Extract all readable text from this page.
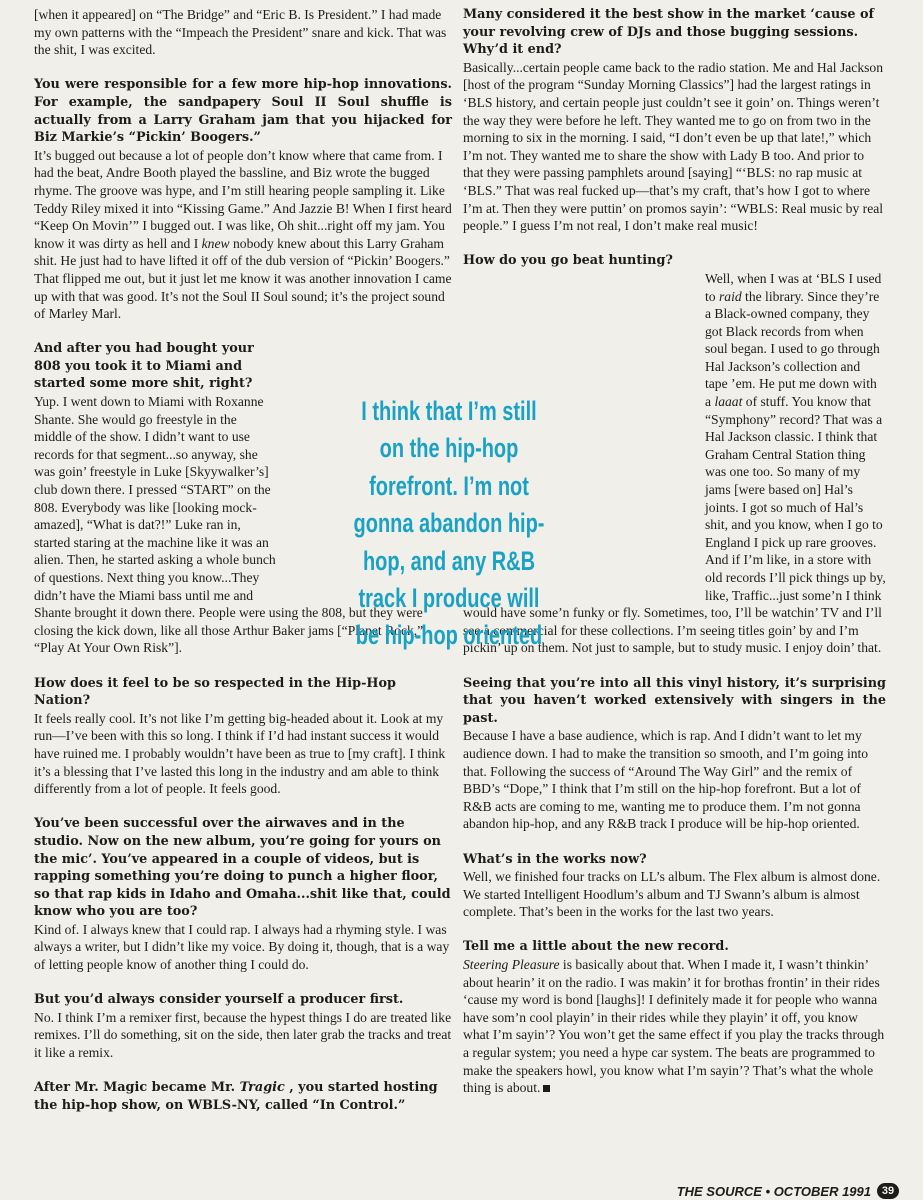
[when it appeared] on “The Bridge” and “Eric B. Is President.” I had made my own patterns with the “Impeach the President” snare and kick. That was the shit, I was excited.

You were responsible for a few more hip-hop innovations. For example, the sandpapery Soul II Soul shuffle is actually from a Larry Graham jam that you hijacked for Biz Markie’s “Pickin’ Boogers.”

It’s bugged out because a lot of people don’t know where that came from. I had the beat, Andre Booth played the bassline, and Biz wrote the bugged rhyme. The groove was hype, and I’m still hearing people sampling it. Like Teddy Riley mixed it into “Kissing Game.” And Jazzie B! When I first heard “Keep On Movin’” I bugged out. I was like, Oh shit...right off my jam. You know it was dirty as hell and I knew nobody knew about this Larry Graham shit. He just had to have lifted it off of the dub version of “Pickin’ Boogers.” That flipped me out, but it just let me know it was another innovation I came up with that was good. It’s not the Soul II Soul sound; it’s the project sound of Marley Marl.

And after you had bought your 808 you took it to Miami and started some more shit, right?

Yup. I went down to Miami with Roxanne Shante. She would go freestyle in the middle of the show. I didn’t want to use records for that segment...so anyway, she was goin’ freestyle in Luke [Skyywalker’s] club down there. I pressed “START” on the 808. Everybody was like [looking mock-amazed], “What is dat?!” Luke ran in, started staring at the machine like it was an alien. Then, he started asking a whole bunch of questions. Next thing you know...They didn’t have the Miami bass until me and Shante brought it down there. People were using the 808, but they were closing the kick down, like all those Arthur Baker jams [“Planet Rock,” “Play At Your Own Risk”].

How does it feel to be so respected in the Hip-Hop Nation?

It feels really cool. It’s not like I’m getting big-headed about it. Look at my run—I’ve been with this so long. I think if I’d had instant success it would have ruined me. I probably wouldn’t have been as true to [my craft]. I think it’s a blessing that I’ve lasted this long in the industry and am able to think differently from a lot of people. It feels good.

You’ve been successful over the airwaves and in the studio. Now on the new album, you’re going for yours on the mic’. You’ve appeared in a couple of videos, but is rapping something you’re doing to punch a higher floor, so that rap kids in Idaho and Omaha...shit like that, could know who you are too?

Kind of. I always knew that I could rap. I always had a rhyming style. I was always a writer, but I didn’t like my voice. By doing it, though, that is a way of letting people know of another thing I could do.

But you’d always consider yourself a producer first.

No. I think I’m a remixer first, because the hypest things I do are treated like remixes. I’ll do something, sit on the side, then later grab the tracks and treat it like a remix.

After Mr. Magic became Mr. Tragic , you started hosting the hip-hop show, on WBLS-NY, called “In Control.”

Many considered it the best show in the market ‘cause of your revolving crew of DJs and those bugging sessions. Why’d it end?

Basically...certain people came back to the radio station. Me and Hal Jackson [host of the program “Sunday Morning Classics”] had the largest ratings in ‘BLS history, and certain people just couldn’t see it goin’ on. Things weren’t the way they were before he left. They wanted me to go on from two in the morning to six in the morning. I said, “I don’t even be up that late!,” which I’m not. They wanted me to share the show with Lady B too. And prior to that they were passing pamphlets around [saying] “‘BLS: no rap music at ‘BLS.” That was real fucked up—that’s my craft, that’s how I got to where I’m at. Then they were puttin’ on promos sayin’: “WBLS: Real music by real people.” I guess I’m not real, I don’t make real music!

How do you go beat hunting?

Well, when I was at ‘BLS I used to raid the library. Since they’re a Black-owned company, they got Black records from when soul began. I used to go through Hal Jackson’s collection and tape ’em. He put me down with a laaat of stuff. You know that “Symphony” record? That was a Hal Jackson classic. I think that Graham Central Station thing was one too. So many of my jams [were based on] Hal’s joints. I got so much of Hal’s shit, and you know, when I go to England I pick up rare grooves. And if I’m like, in a store with old records I’ll pick things up by, like, Traffic...just some’n I think would have some’n funky or fly. Sometimes, too, I’ll be watchin’ TV and I’ll see a commercial for these collections. I’m seeing titles goin’ by and I’m pickin’ up on them. Not just to sample, but to study music. I enjoy doin’ that.

Seeing that you’re into all this vinyl history, it’s surprising that you haven’t worked extensively with singers in the past.

Because I have a base audience, which is rap. And I didn’t want to let my audience down. I had to make the transition so smooth, and I’m going into that. Following the success of “Around The Way Girl” and the remix of BBD’s “Dope,” I think that I’m still on the hip-hop forefront. But a lot of R&B acts are coming to me, wanting me to produce them. I’m not gonna abandon hip-hop, and any R&B track I produce will be hip-hop oriented.

What’s in the works now?

Well, we finished four tracks on LL’s album. The Flex album is almost done. We started Intelligent Hoodlum’s album and TJ Swann’s album is almost complete. That’s been in the works for the last two years.

Tell me a little about the new record.

Steering Pleasure is basically about that. When I made it, I wasn’t thinkin’ about hearin’ it on the radio. I was makin’ it for brothas frontin’ in their rides ‘cause my word is bond [laughs]! I definitely made it for people who wanna have som’n cool playin’ in their rides while they playin’ it off, you know what I’m sayin’? You won’t get the same effect if you play the tracks through a regular system; you need a hype car system. The beats are programmed to make the speakers howl, you know what I’m sayin’? That’s what the whole thing is about.

I think that I’m still on the hip-hop forefront. I’m not gonna abandon hip-hop, and any R&B track I produce will be hip-hop oriented
THE SOURCE • OCTOBER 1991 39
